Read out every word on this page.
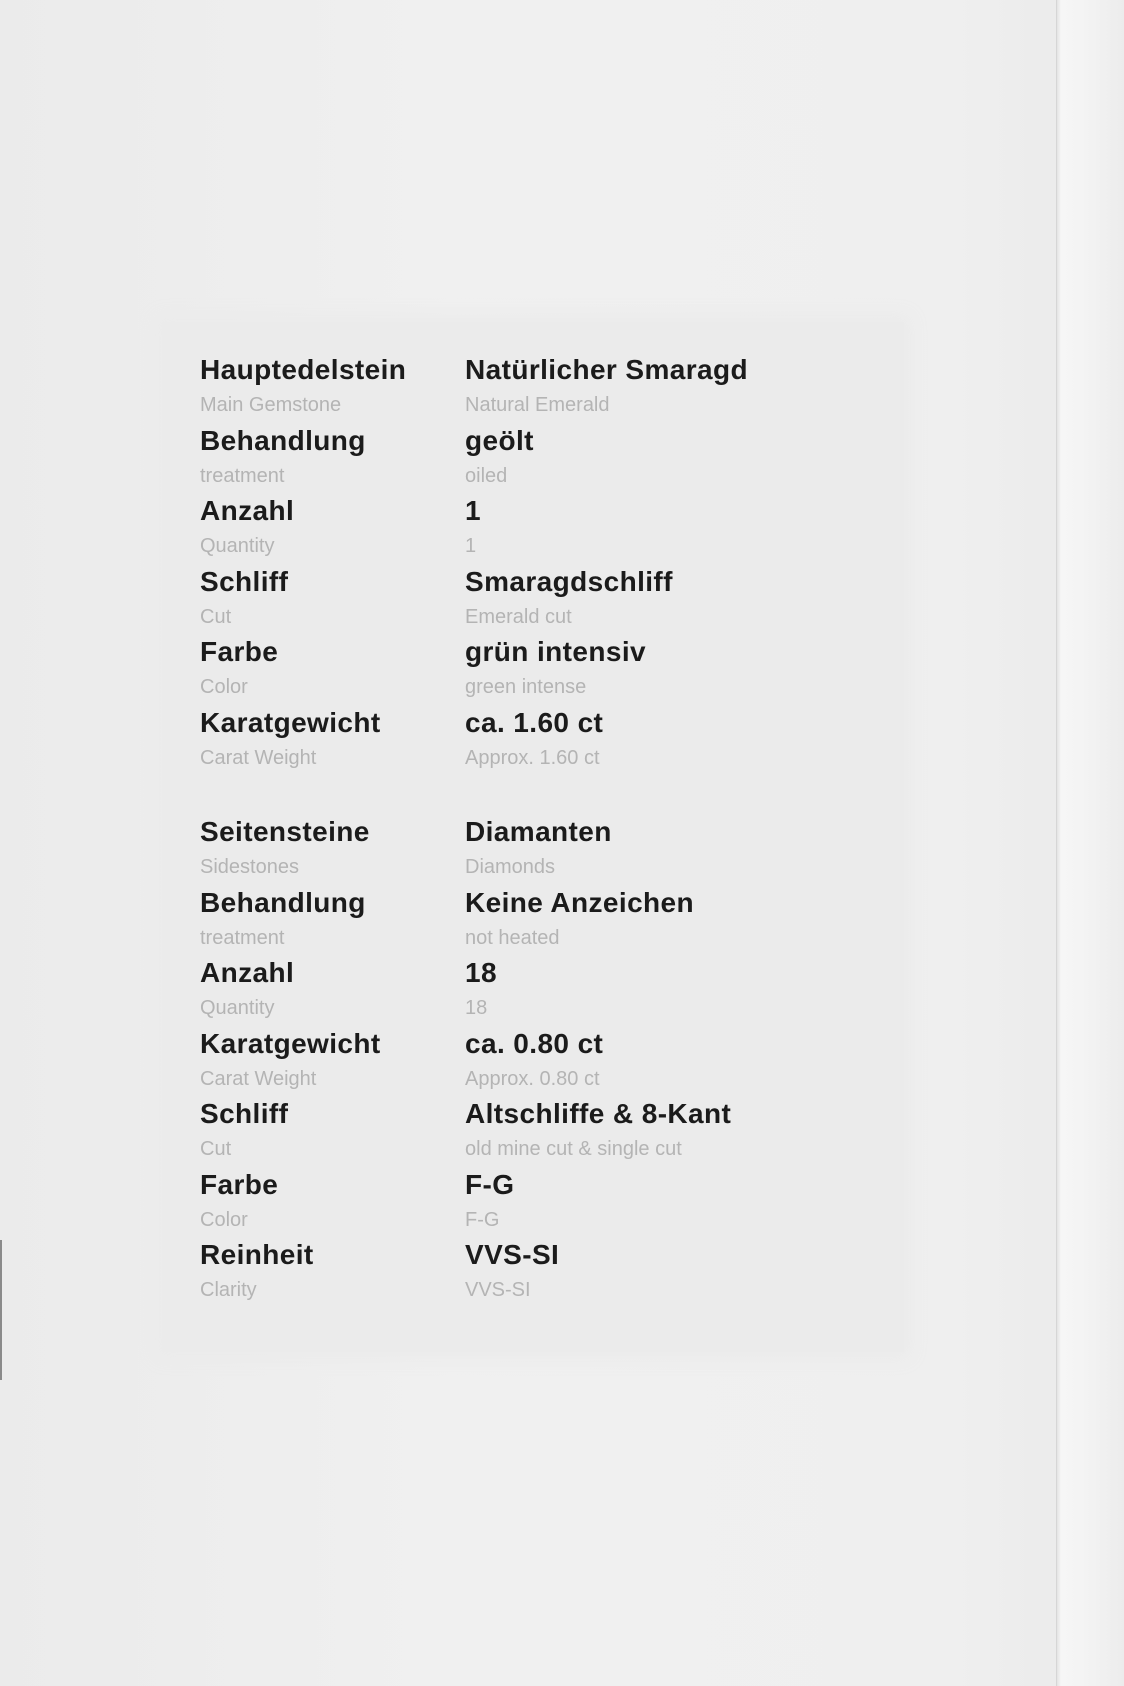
Hauptedelstein
Main Gemstone
Natürlicher Smaragd
Natural Emerald
Behandlung
treatment
geölt
oiled
Anzahl
Quantity
1
1
Schliff
Cut
Smaragdschliff
Emerald cut
Farbe
Color
grün intensiv
green intense
Karatgewicht
Carat Weight
ca. 1.60 ct
Approx. 1.60 ct
Seitensteine
Sidestones
Diamanten
Diamonds
Behandlung
treatment
Keine Anzeichen
not heated
Anzahl
Quantity
18
18
Karatgewicht
Carat Weight
ca. 0.80 ct
Approx. 0.80 ct
Schliff
Cut
Altschliffe & 8-Kant
old mine cut & single cut
Farbe
Color
F-G
F-G
Reinheit
Clarity
VVS-SI
VVS-SI
